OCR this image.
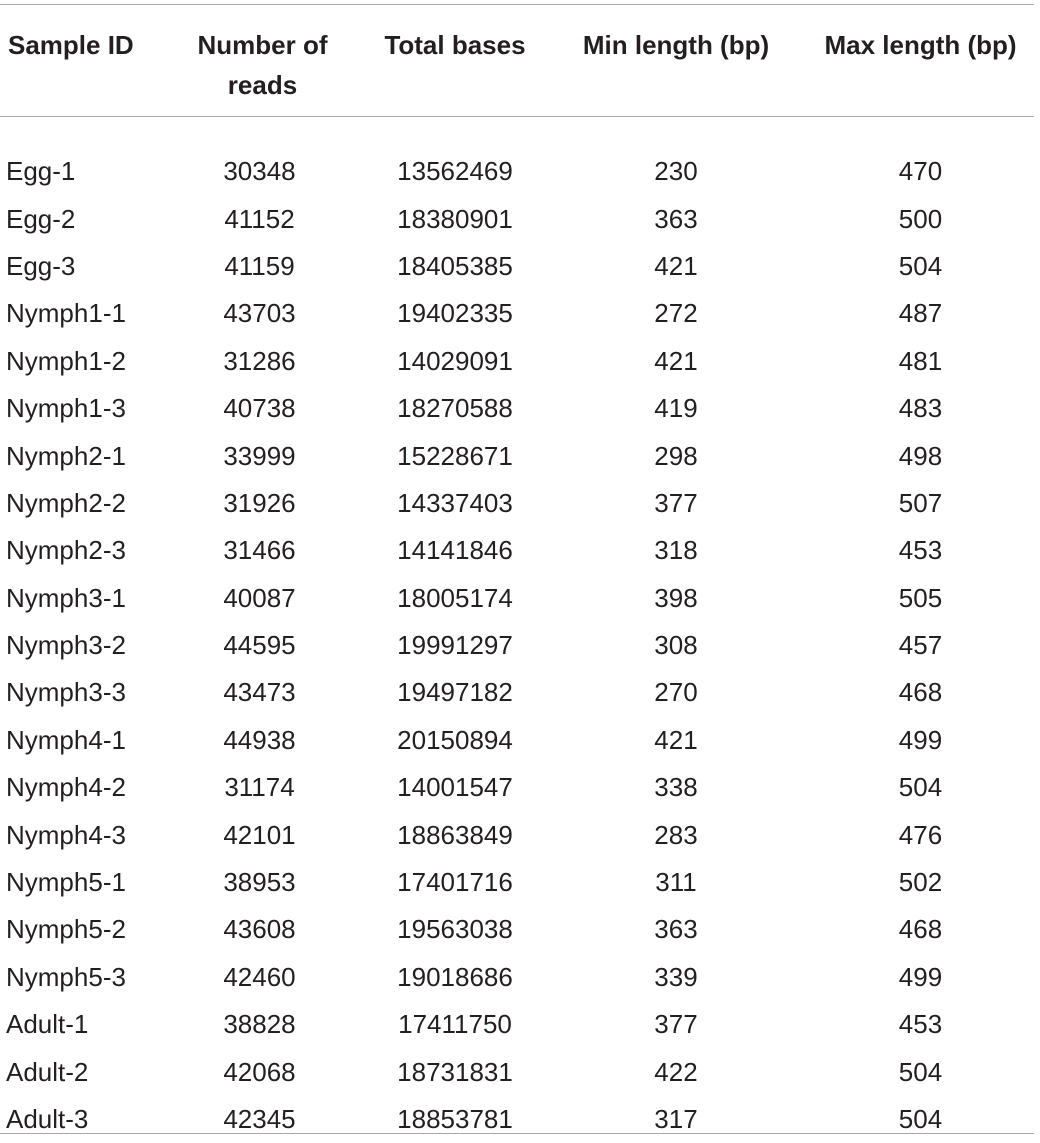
Sample ID	Number of reads	Total bases	Min length (bp)	Max length (bp)
Egg-1	30348	13562469	230	470
Egg-2	41152	18380901	363	500
Egg-3	41159	18405385	421	504
Nymph1-1	43703	19402335	272	487
Nymph1-2	31286	14029091	421	481
Nymph1-3	40738	18270588	419	483
Nymph2-1	33999	15228671	298	498
Nymph2-2	31926	14337403	377	507
Nymph2-3	31466	14141846	318	453
Nymph3-1	40087	18005174	398	505
Nymph3-2	44595	19991297	308	457
Nymph3-3	43473	19497182	270	468
Nymph4-1	44938	20150894	421	499
Nymph4-2	31174	14001547	338	504
Nymph4-3	42101	18863849	283	476
Nymph5-1	38953	17401716	311	502
Nymph5-2	43608	19563038	363	468
Nymph5-3	42460	19018686	339	499
Adult-1	38828	17411750	377	453
Adult-2	42068	18731831	422	504
Adult-3	42345	18853781	317	504
